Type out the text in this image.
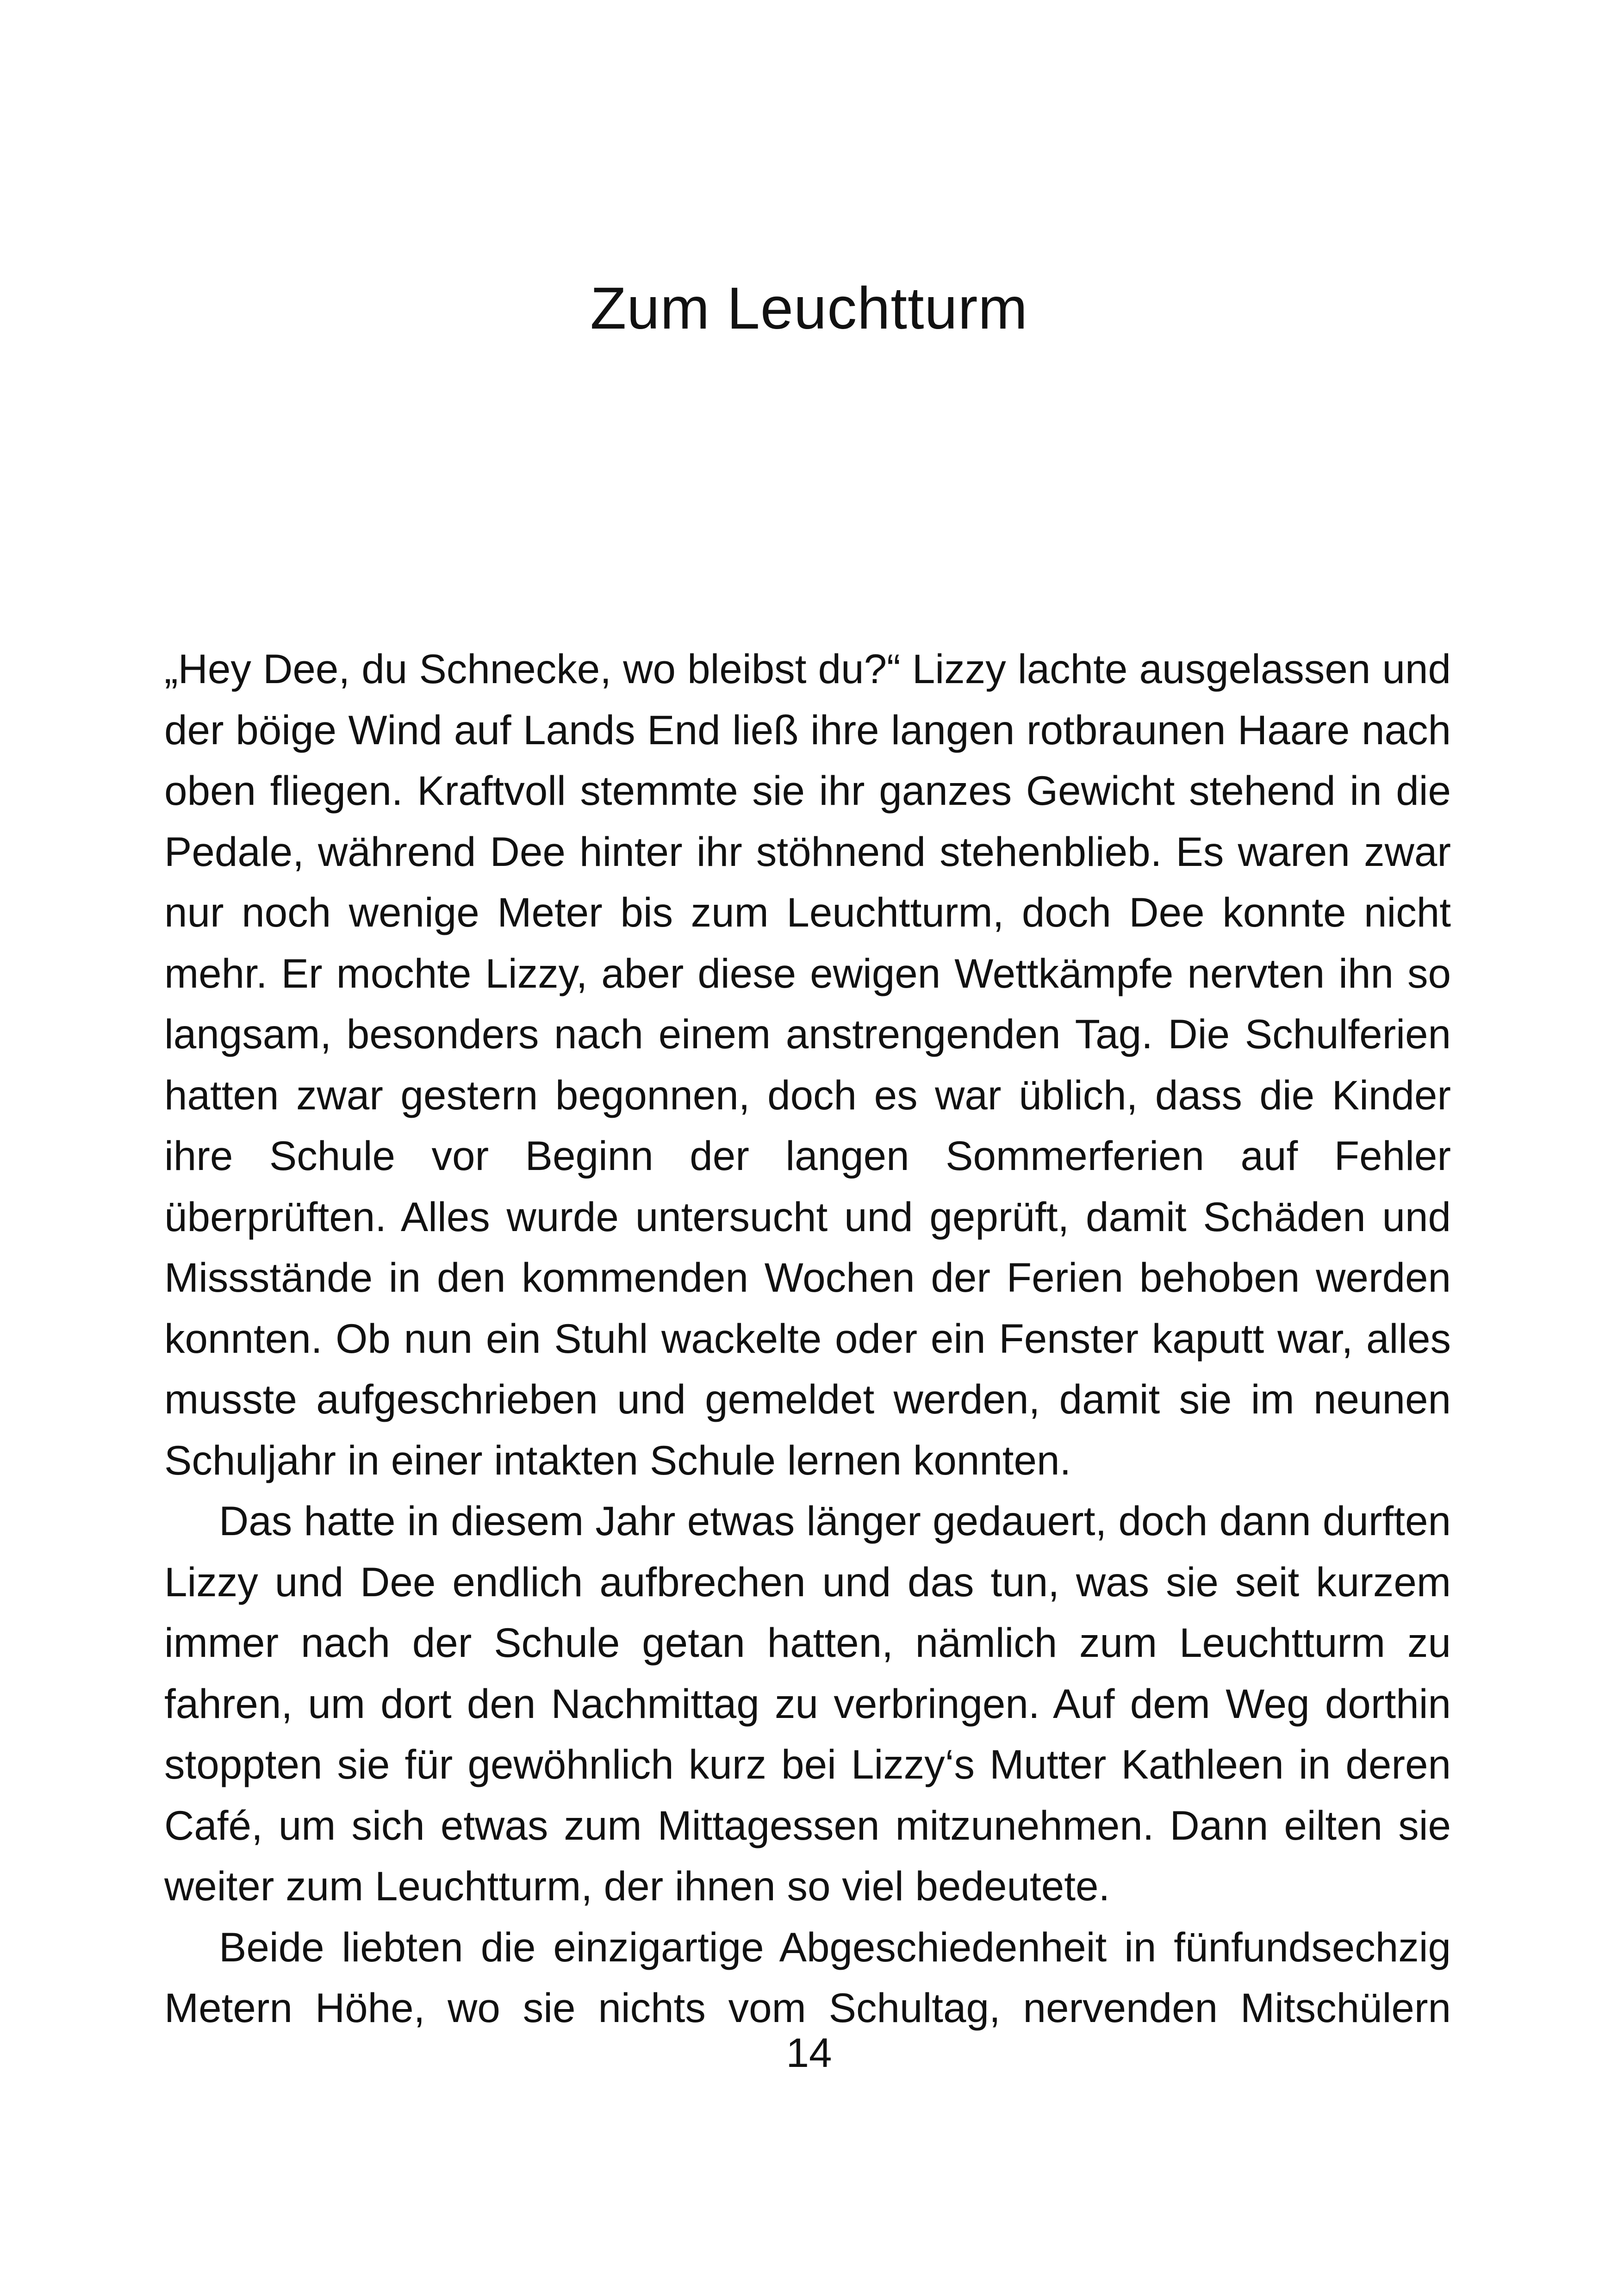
Zum Leuchtturm
„Hey Dee, du Schnecke, wo bleibst du?“ Lizzy lachte ausgelassen und
der böige Wind auf Lands End ließ ihre langen rotbraunen Haare nach
oben fliegen. Kraftvoll stemmte sie ihr ganzes Gewicht stehend in die
Pedale, während Dee hinter ihr stöhnend stehenblieb. Es waren zwar
nur noch wenige Meter bis zum Leuchtturm, doch Dee konnte nicht
mehr. Er mochte Lizzy, aber diese ewigen Wettkämpfe nervten ihn so
langsam, besonders nach einem anstrengenden Tag. Die Schulferien
hatten zwar gestern begonnen, doch es war üblich, dass die Kinder
ihre Schule vor Beginn der langen Sommerferien auf Fehler
überprüften. Alles wurde untersucht und geprüft, damit Schäden und
Missstände in den kommenden Wochen der Ferien behoben werden
konnten. Ob nun ein Stuhl wackelte oder ein Fenster kaputt war, alles
musste aufgeschrieben und gemeldet werden, damit sie im neunen
Schuljahr in einer intakten Schule lernen konnten.
Das hatte in diesem Jahr etwas länger gedauert, doch dann durften
Lizzy und Dee endlich aufbrechen und das tun, was sie seit kurzem
immer nach der Schule getan hatten, nämlich zum Leuchtturm zu
fahren, um dort den Nachmittag zu verbringen. Auf dem Weg dorthin
stoppten sie für gewöhnlich kurz bei Lizzy‘s Mutter Kathleen in deren
Café, um sich etwas zum Mittagessen mitzunehmen. Dann eilten sie
weiter zum Leuchtturm, der ihnen so viel bedeutete.
Beide liebten die einzigartige Abgeschiedenheit in fünfundsechzig
Metern Höhe, wo sie nichts vom Schultag, nervenden Mitschülern
14
